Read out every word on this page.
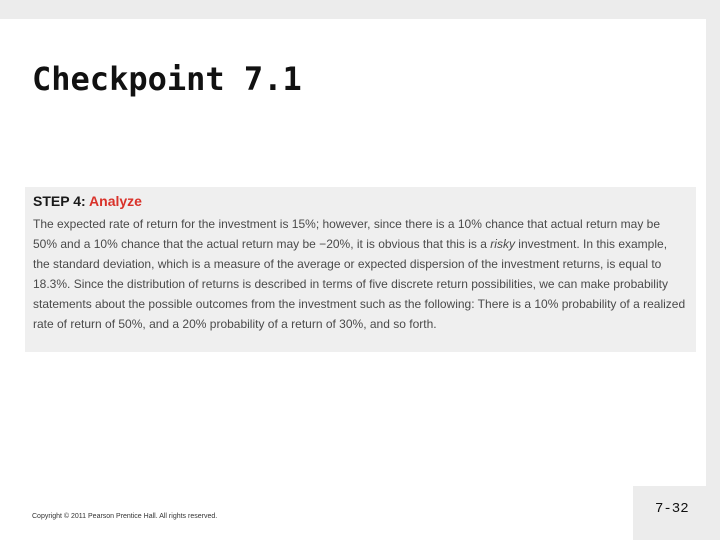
Checkpoint 7.1

STEP 4: Analyze

The expected rate of return for the investment is 15%; however, since there is a 10% chance that actual return may be 50% and a 10% chance that the actual return may be −20%, it is obvious that this is a risky investment. In this example, the standard deviation, which is a measure of the average or expected dispersion of the investment returns, is equal to 18.3%. Since the distribution of returns is described in terms of five discrete return possibilities, we can make probability statements about the possible outcomes from the investment such as the following: There is a 10% probability of a realized rate of return of 50%, and a 20% probability of a return of 30%, and so forth.

Copyright © 2011 Pearson Prentice Hall. All rights reserved.	7-32
